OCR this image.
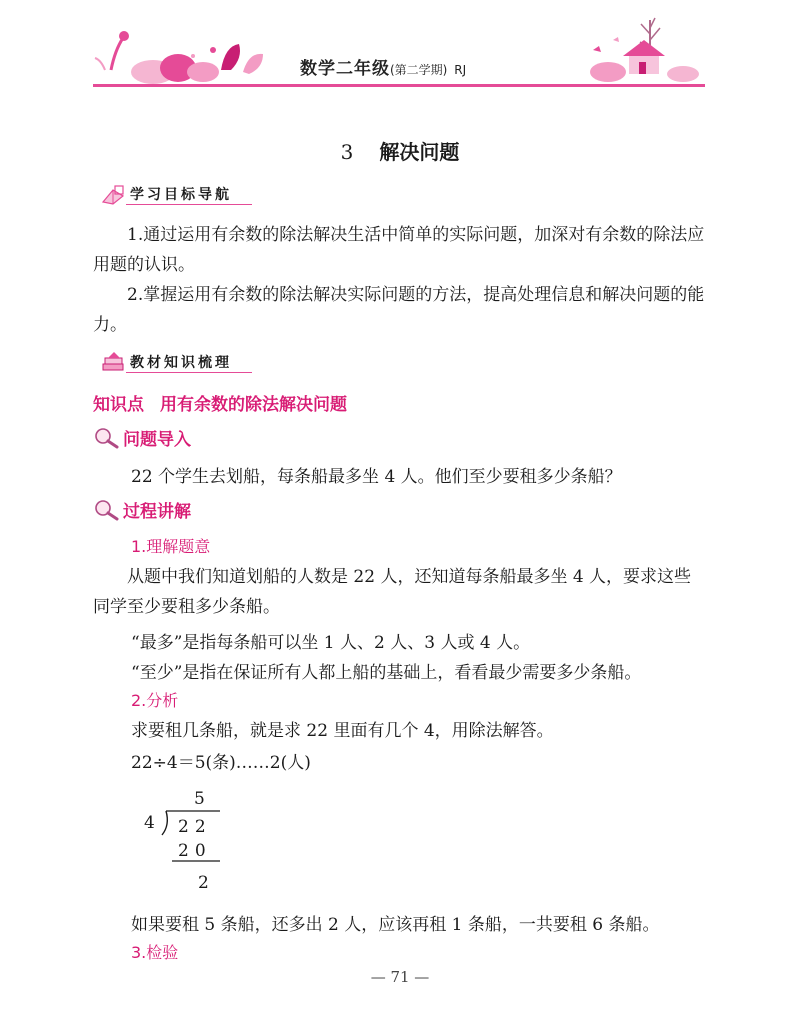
数学二年级(第二学期) RJ
3 解决问题
学习目标导航
1.通过运用有余数的除法解决生活中简单的实际问题，加深对有余数的除法应用题的认识。
2.掌握运用有余数的除法解决实际问题的方法，提高处理信息和解决问题的能力。
教材知识梳理
知识点 用有余数的除法解决问题
问题导入
22 个学生去划船，每条船最多坐 4 人。他们至少要租多少条船？
过程讲解
1.理解题意
从题中我们知道划船的人数是 22 人，还知道每条船最多坐 4 人，要求这些同学至少要租多少条船。
“最多”是指每条船可以坐 1 人、2 人、3 人或 4 人。
“至少”是指在保证所有人都上船的基础上，看看最少需要多少条船。
2.分析
求要租几条船，就是求 22 里面有几个 4，用除法解答。
22÷4＝5(条)……2(人)
5
4 22
20
2
如果要租 5 条船，还多出 2 人，应该再租 1 条船，一共要租 6 条船。
3.检验
— 71 —
